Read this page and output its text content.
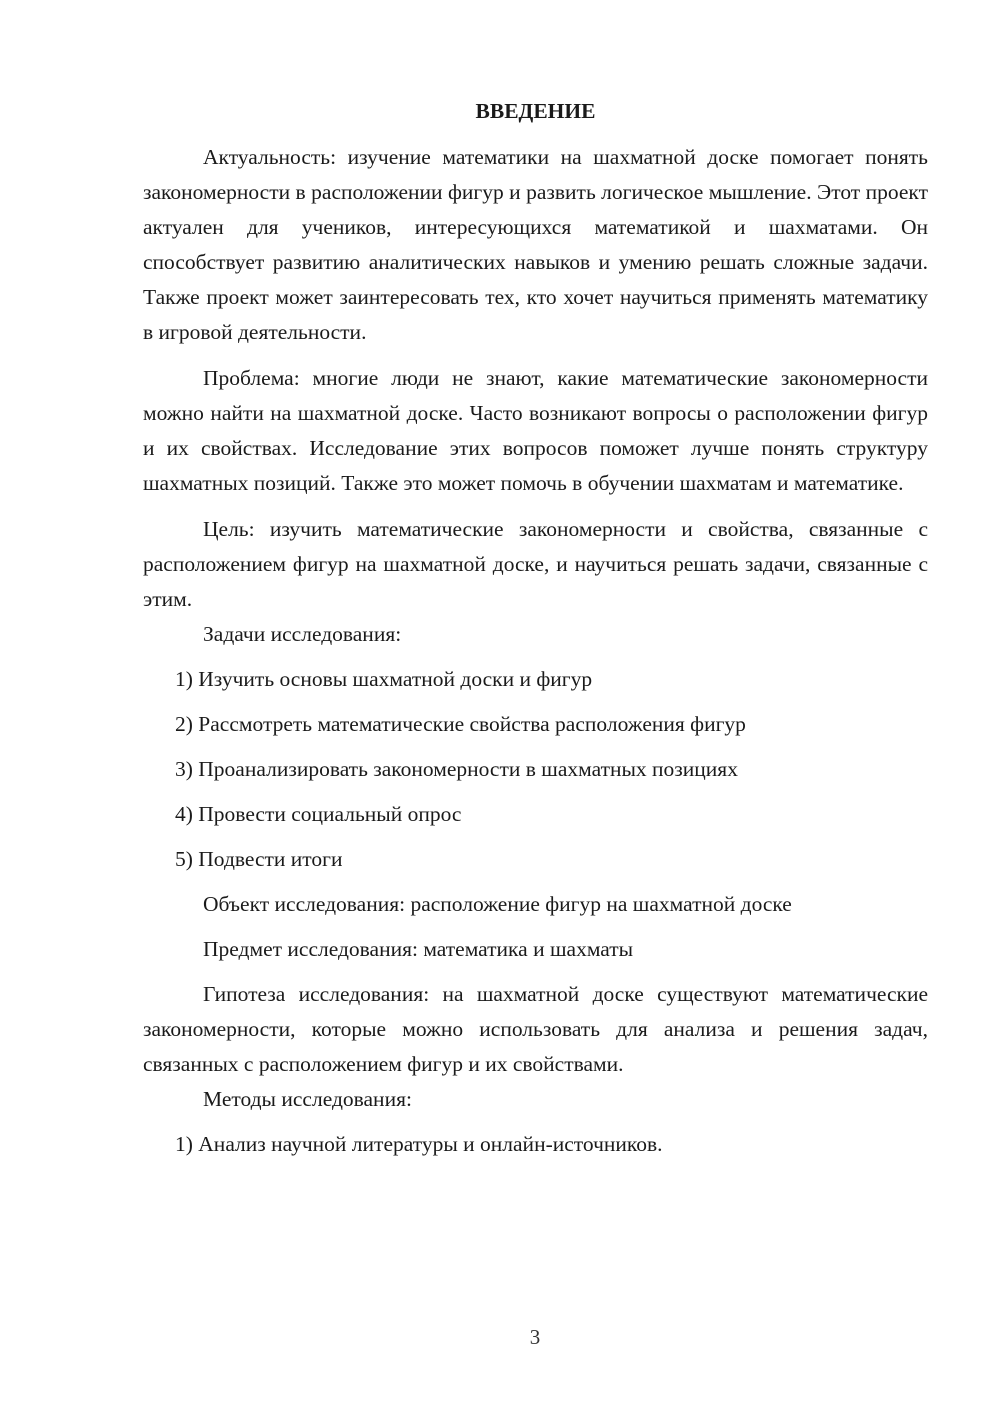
ВВЕДЕНИЕ

Актуальность: изучение математики на шахматной доске помогает понять закономерности в расположении фигур и развить логическое мышление. Этот проект актуален для учеников, интересующихся математикой и шахматами. Он способствует развитию аналитических навыков и умению решать сложные задачи. Также проект может заинтересовать тех, кто хочет научиться применять математику в игровой деятельности.

Проблема: многие люди не знают, какие математические закономерности можно найти на шахматной доске. Часто возникают вопросы о расположении фигур и их свойствах. Исследование этих вопросов поможет лучше понять структуру шахматных позиций. Также это может помочь в обучении шахматам и математике.

Цель: изучить математические закономерности и свойства, связанные с расположением фигур на шахматной доске, и научиться решать задачи, связанные с этим.

Задачи исследования:

1) Изучить основы шахматной доски и фигур
2) Рассмотреть математические свойства расположения фигур
3) Проанализировать закономерности в шахматных позициях
4) Провести социальный опрос
5) Подвести итоги

Объект исследования: расположение фигур на шахматной доске

Предмет исследования: математика и шахматы

Гипотеза исследования: на шахматной доске существуют математические закономерности, которые можно использовать для анализа и решения задач, связанных с расположением фигур и их свойствами.

Методы исследования:

1) Анализ научной литературы и онлайн-источников.
3
